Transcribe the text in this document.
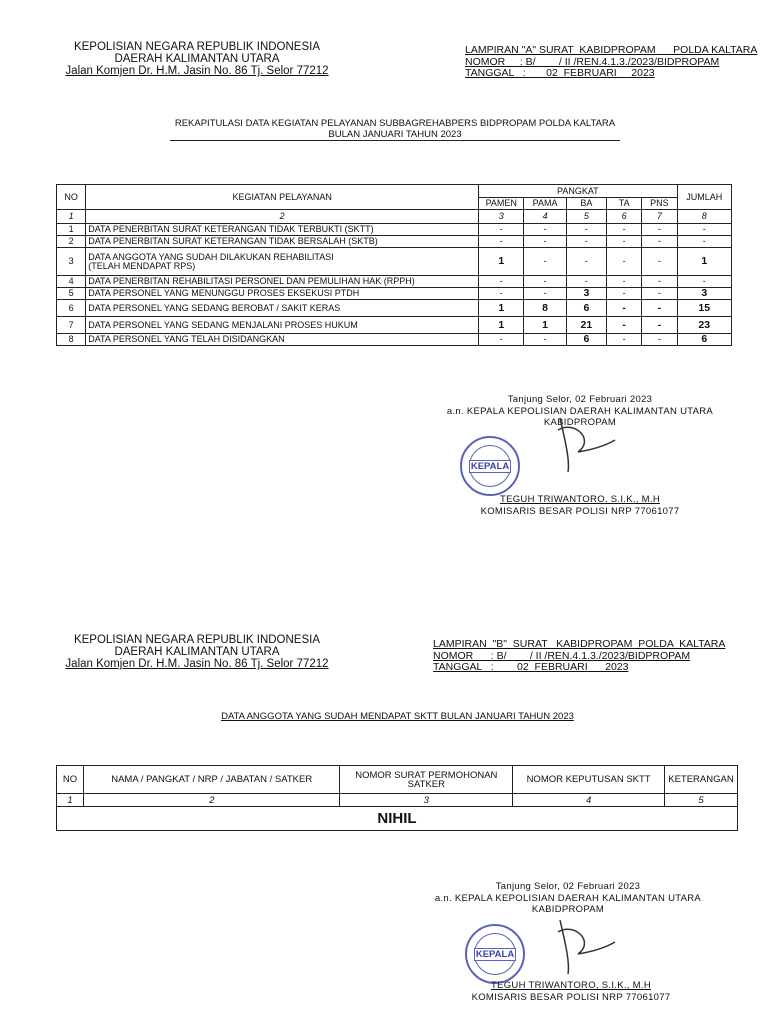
KEPOLISIAN NEGARA REPUBLIK INDONESIA
DAERAH KALIMANTAN UTARA
Jalan Komjen Dr. H.M. Jasin No. 86 Tj. Selor 77212
LAMPIRAN "A" SURAT  KABIDPROPAM      POLDA KALTARA
NOMOR     : B/        / II /REN.4.1.3./2023/BIDPROPAM
TANGGAL   :       02  FEBRUARI     2023
REKAPITULASI DATA KEGIATAN PELAYANAN SUBBAGREHABPERS BIDPROPAM POLDA KALTARA
BULAN JANUARI TAHUN 2023
NO	KEGIATAN PELAYANAN	PANGKAT					JUMLAH
		PAMEN	PAMA	BA	TA	PNS	
1	2	3	4	5	6	7	8
1	DATA PENERBITAN SURAT KETERANGAN TIDAK TERBUKTI (SKTT)	-	-	-	-	-	-
2	DATA PENERBITAN SURAT KETERANGAN TIDAK BERSALAH (SKTB)	-	-	-	-	-	-
3	DATA ANGGOTA YANG SUDAH DILAKUKAN REHABILITASI
(TELAH MENDAPAT RPS)	1	-	-	-	-	1
4	DATA PENERBITAN REHABILITASI PERSONEL DAN PEMULIHAN HAK (RPPH)	-	-	-	-	-	-
5	DATA PERSONEL YANG MENUNGGU PROSES EKSEKUSI PTDH	-	-	3	-	-	3
6	DATA PERSONEL YANG SEDANG BEROBAT / SAKIT KERAS	1	8	6	-	-	15
7	DATA PERSONEL YANG SEDANG MENJALANI PROSES HUKUM	1	1	21	-	-	23
8	DATA PERSONEL YANG TELAH DISIDANGKAN	-	-	6	-	-	6
Tanjung Selor, 02 Februari 2023
a.n. KEPALA KEPOLISIAN DAERAH KALIMANTAN UTARA
KABIDPROPAM
KEPALA
TEGUH TRIWANTORO, S.I.K., M.H
KOMISARIS BESAR POLISI NRP 77061077
KEPOLISIAN NEGARA REPUBLIK INDONESIA
DAERAH KALIMANTAN UTARA
Jalan Komjen Dr. H.M. Jasin No. 86 Tj. Selor 77212
LAMPIRAN  "B"  SURAT   KABIDPROPAM  POLDA  KALTARA
NOMOR      : B/        / II /REN.4.1.3./2023/BIDPROPAM
TANGGAL   :        02  FEBRUARI      2023
DATA ANGGOTA YANG SUDAH MENDAPAT SKTT BULAN JANUARI TAHUN 2023
NO	NAMA / PANGKAT / NRP / JABATAN / SATKER	NOMOR SURAT PERMOHONAN SATKER	NOMOR KEPUTUSAN SKTT	KETERANGAN
1	2	3	4	5
NIHIL				
Tanjung Selor, 02 Februari 2023
a.n. KEPALA KEPOLISIAN DAERAH KALIMANTAN UTARA
KABIDPROPAM
KEPALA
TEGUH TRIWANTORO, S.I.K., M.H
KOMISARIS BESAR POLISI NRP 77061077
